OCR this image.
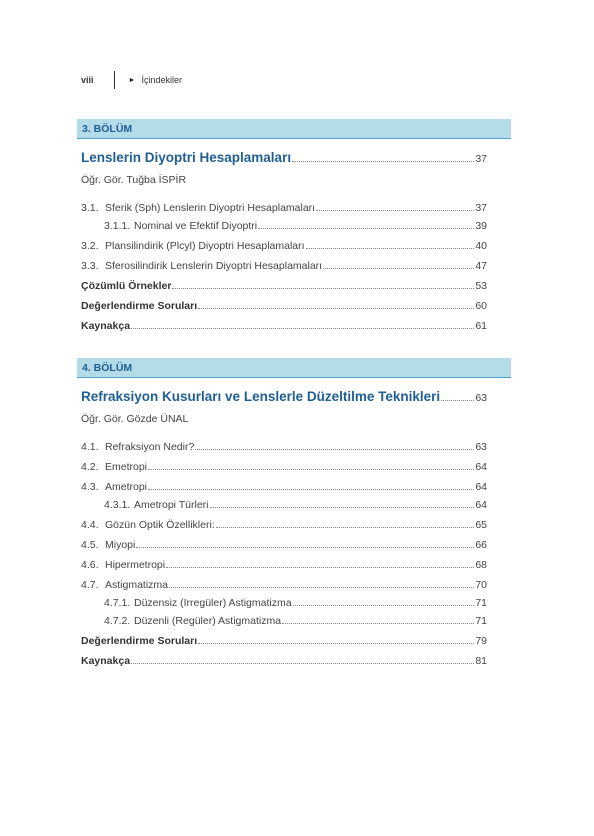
viii	► İçindekiler
3. BÖLÜM
Lenslerin Diyoptri Hesaplamaları	37
Öğr. Gör. Tuğba İSPİR
3.1. Sferik (Sph) Lenslerin Diyoptri Hesaplamaları	37
3.1.1. Nominal ve Efektif Diyoptri	39
3.2. Plansilindirik (Plcyl) Diyoptri Hesaplamaları	40
3.3. Sferosilindirik Lenslerin Diyoptri Hesaplamaları	47
Çözümlü Örnekler	53
Değerlendirme Soruları	60
Kaynakça	61
4. BÖLÜM
Refraksiyon Kusurları ve Lenslerle Düzeltilme Teknikleri	63
Öğr. Gör. Gözde ÜNAL
4.1. Refraksiyon Nedir?	63
4.2. Emetropi	64
4.3. Ametropi	64
4.3.1. Ametropi Türleri	64
4.4. Gözün Optik Özellikleri:	65
4.5. Miyopi	66
4.6. Hipermetropi	68
4.7. Astigmatizma	70
4.7.1. Düzensiz (Irregüler) Astigmatizma	71
4.7.2. Düzenli (Regüler) Astigmatizma	71
Değerlendirme Soruları	79
Kaynakça	81
